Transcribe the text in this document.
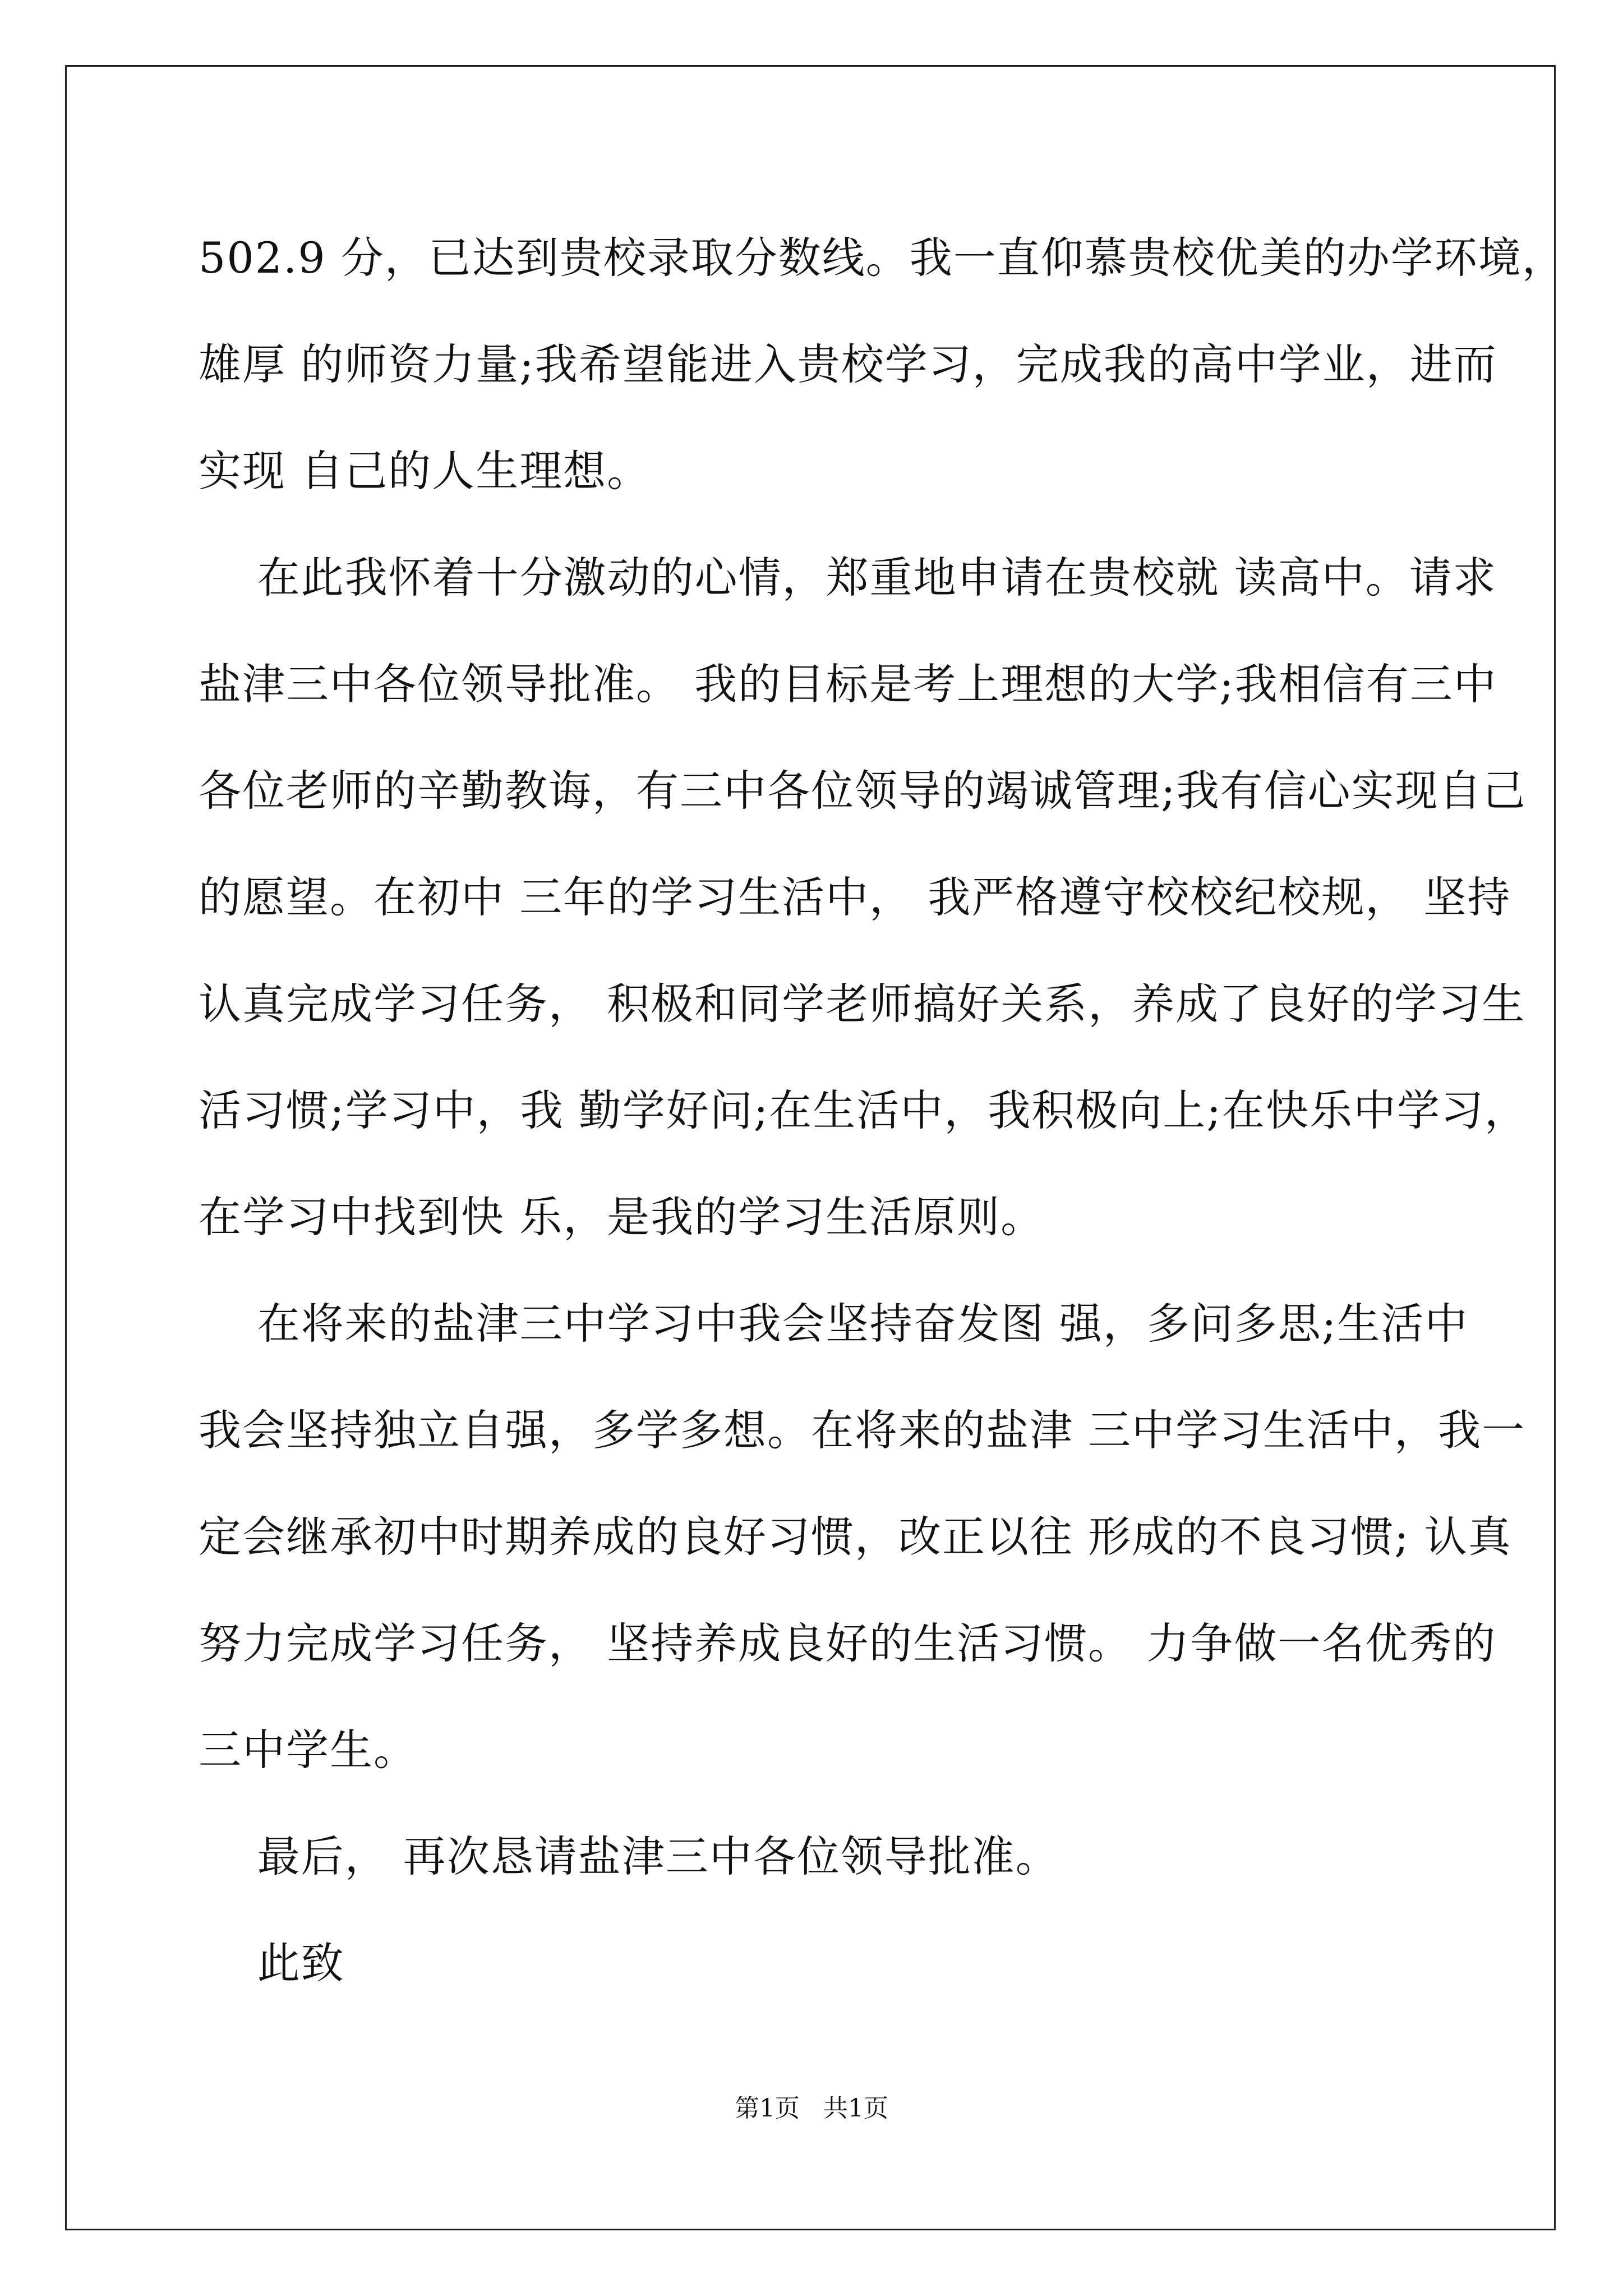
502.9 分，已达到贵校录取分数线。我一直仰慕贵校优美的办学环境，
雄厚 的师资力量;我希望能进入贵校学习，完成我的高中学业，进而
实现 自己的人生理想。
在此我怀着十分激动的心情，郑重地申请在贵校就 读高中。请求
盐津三中各位领导批准。 我的目标是考上理想的大学;我相信有三中
各位老师的辛勤教诲，有三中各位领导的竭诚管理;我有信心实现自己
的愿望。在初中 三年的学习生活中， 我严格遵守校校纪校规， 坚持
认真完成学习任务， 积极和同学老师搞好关系，养成了良好的学习生
活习惯;学习中，我 勤学好问;在生活中，我积极向上;在快乐中学习，
在学习中找到快 乐，是我的学习生活原则。
在将来的盐津三中学习中我会坚持奋发图 强，多问多思;生活中
我会坚持独立自强，多学多想。在将来的盐津 三中学习生活中，我一
定会继承初中时期养成的良好习惯，改正以往 形成的不良习惯; 认真
努力完成学习任务， 坚持养成良好的生活习惯。 力争做一名优秀的
三中学生。
最后， 再次恳请盐津三中各位领导批准。
此致
第1页   共1页
